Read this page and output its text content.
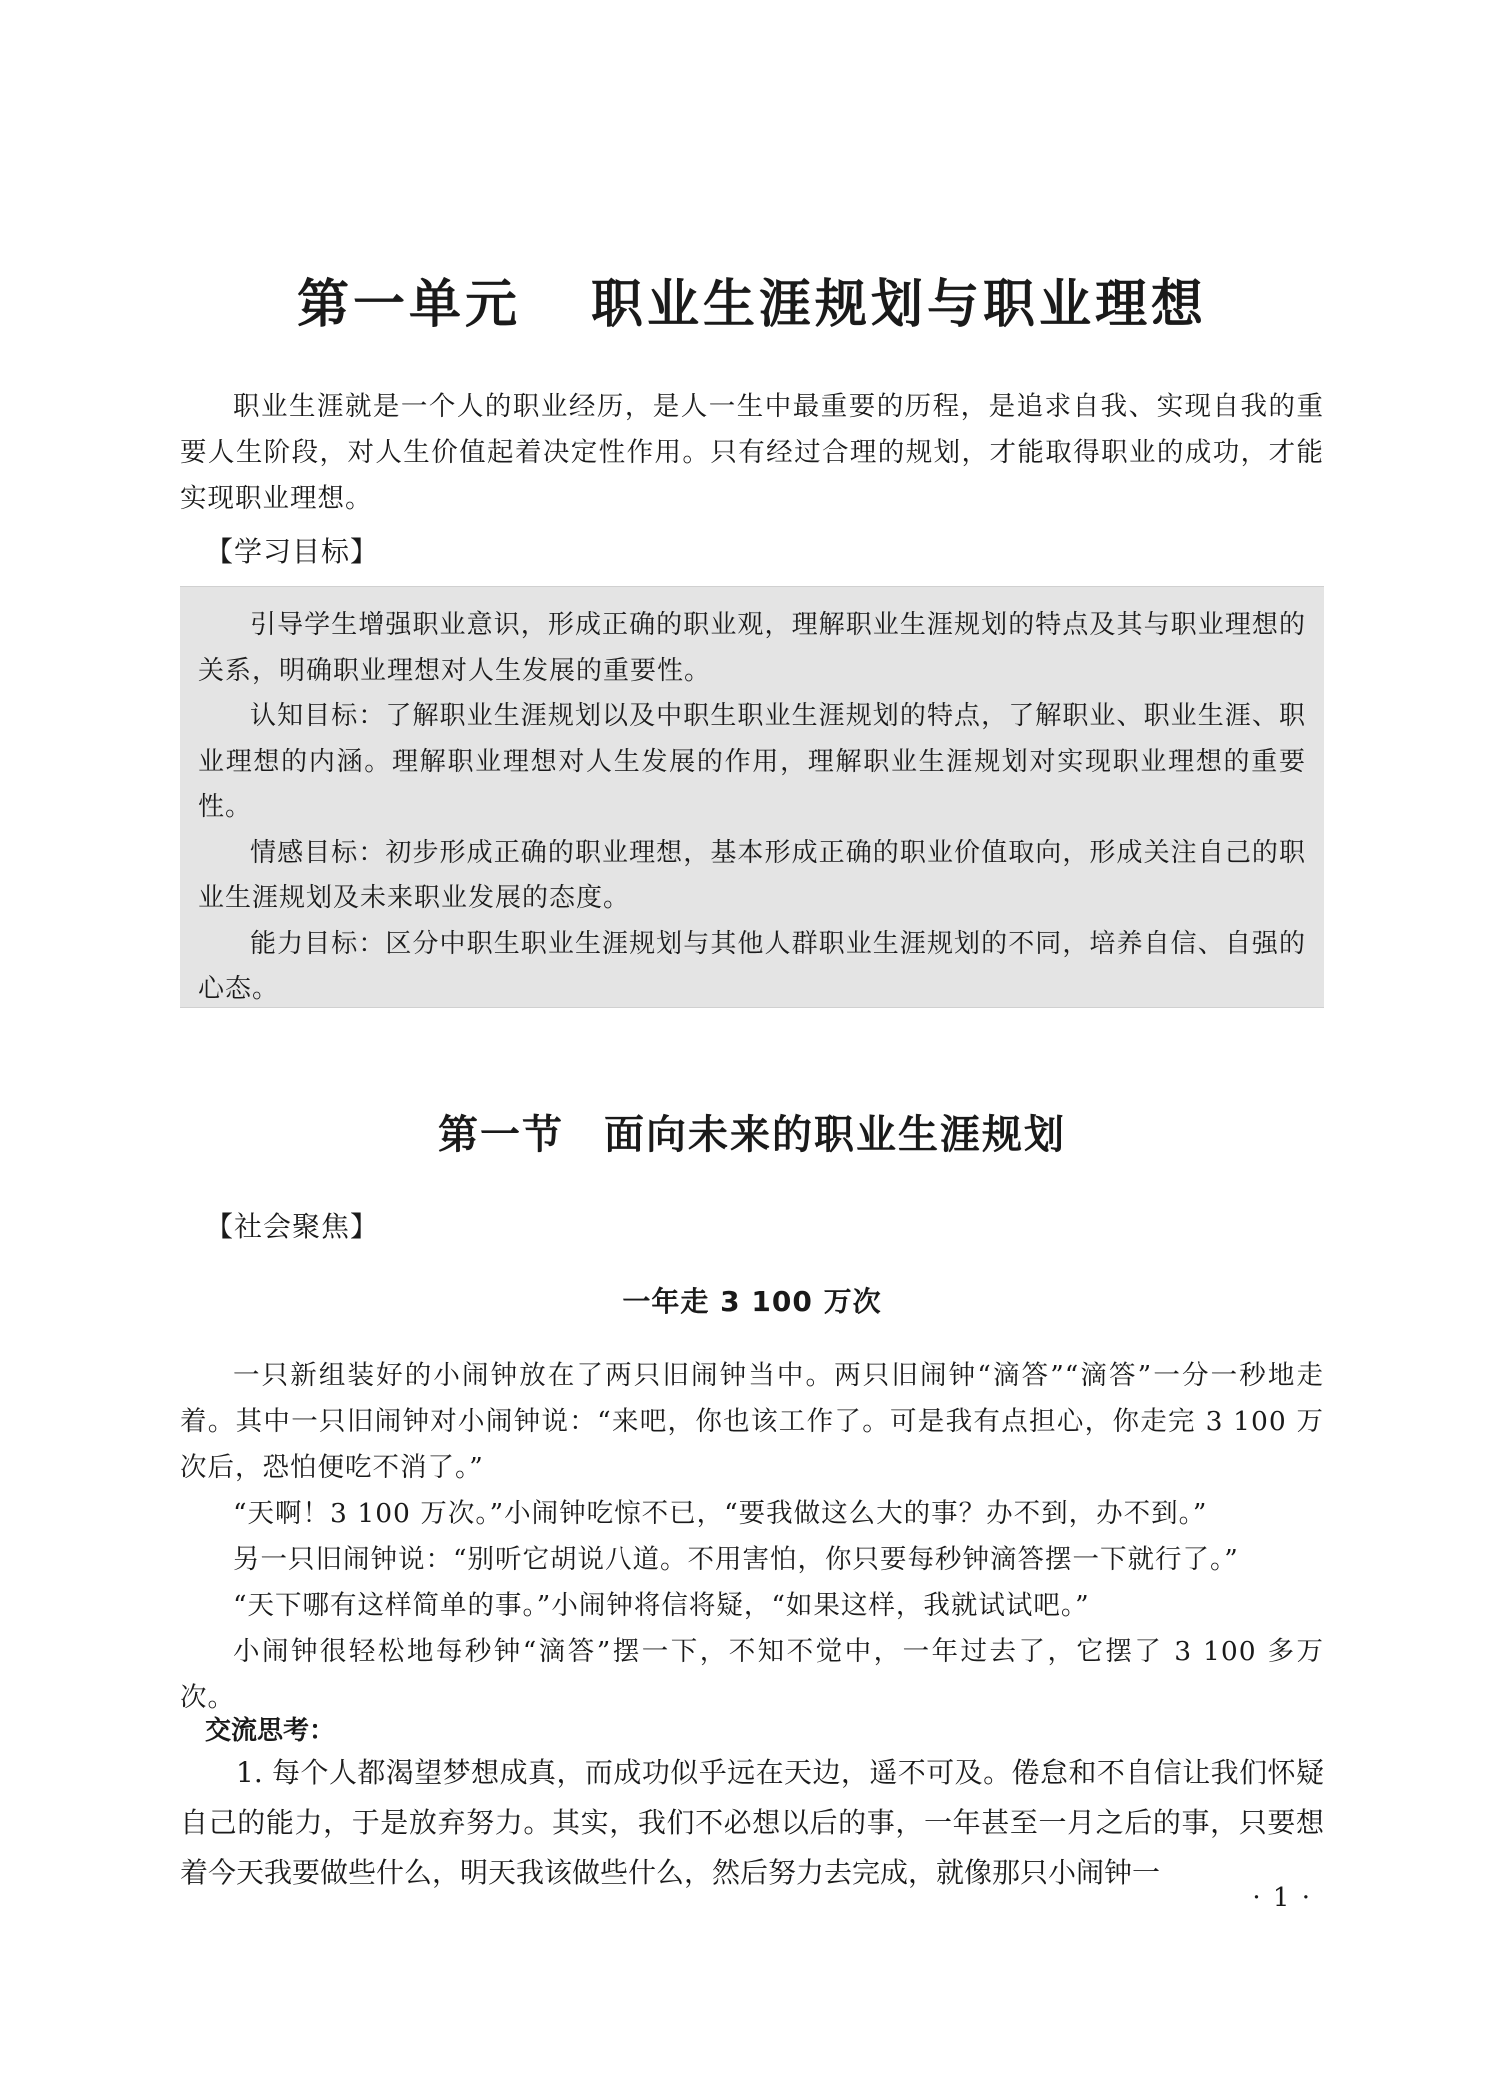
第一单元 职业生涯规划与职业理想

职业生涯就是一个人的职业经历，是人一生中最重要的历程，是追求自我、实现自我的重要人生阶段，对人生价值起着决定性作用。只有经过合理的规划，才能取得职业的成功，才能实现职业理想。

【学习目标】

引导学生增强职业意识，形成正确的职业观，理解职业生涯规划的特点及其与职业理想的关系，明确职业理想对人生发展的重要性。

认知目标：了解职业生涯规划以及中职生职业生涯规划的特点，了解职业、职业生涯、职业理想的内涵。理解职业理想对人生发展的作用，理解职业生涯规划对实现职业理想的重要性。

情感目标：初步形成正确的职业理想，基本形成正确的职业价值取向，形成关注自己的职业生涯规划及未来职业发展的态度。

能力目标：区分中职生职业生涯规划与其他人群职业生涯规划的不同，培养自信、自强的心态。

第一节 面向未来的职业生涯规划

【社会聚焦】

一年走 3 100 万次

一只新组装好的小闹钟放在了两只旧闹钟当中。两只旧闹钟“滴答”“滴答”一分一秒地走着。其中一只旧闹钟对小闹钟说：“来吧，你也该工作了。可是我有点担心，你走完 3 100 万次后，恐怕便吃不消了。”

“天啊！3 100 万次。”小闹钟吃惊不已，“要我做这么大的事？办不到，办不到。”

另一只旧闹钟说：“别听它胡说八道。不用害怕，你只要每秒钟滴答摆一下就行了。”

“天下哪有这样简单的事。”小闹钟将信将疑，“如果这样，我就试试吧。”

小闹钟很轻松地每秒钟“滴答”摆一下，不知不觉中，一年过去了，它摆了 3 100 多万次。

交流思考：

1. 每个人都渴望梦想成真，而成功似乎远在天边，遥不可及。倦怠和不自信让我们怀疑自己的能力，于是放弃努力。其实，我们不必想以后的事，一年甚至一月之后的事，只要想着今天我要做些什么，明天我该做些什么，然后努力去完成，就像那只小闹钟一

· 1 ·
